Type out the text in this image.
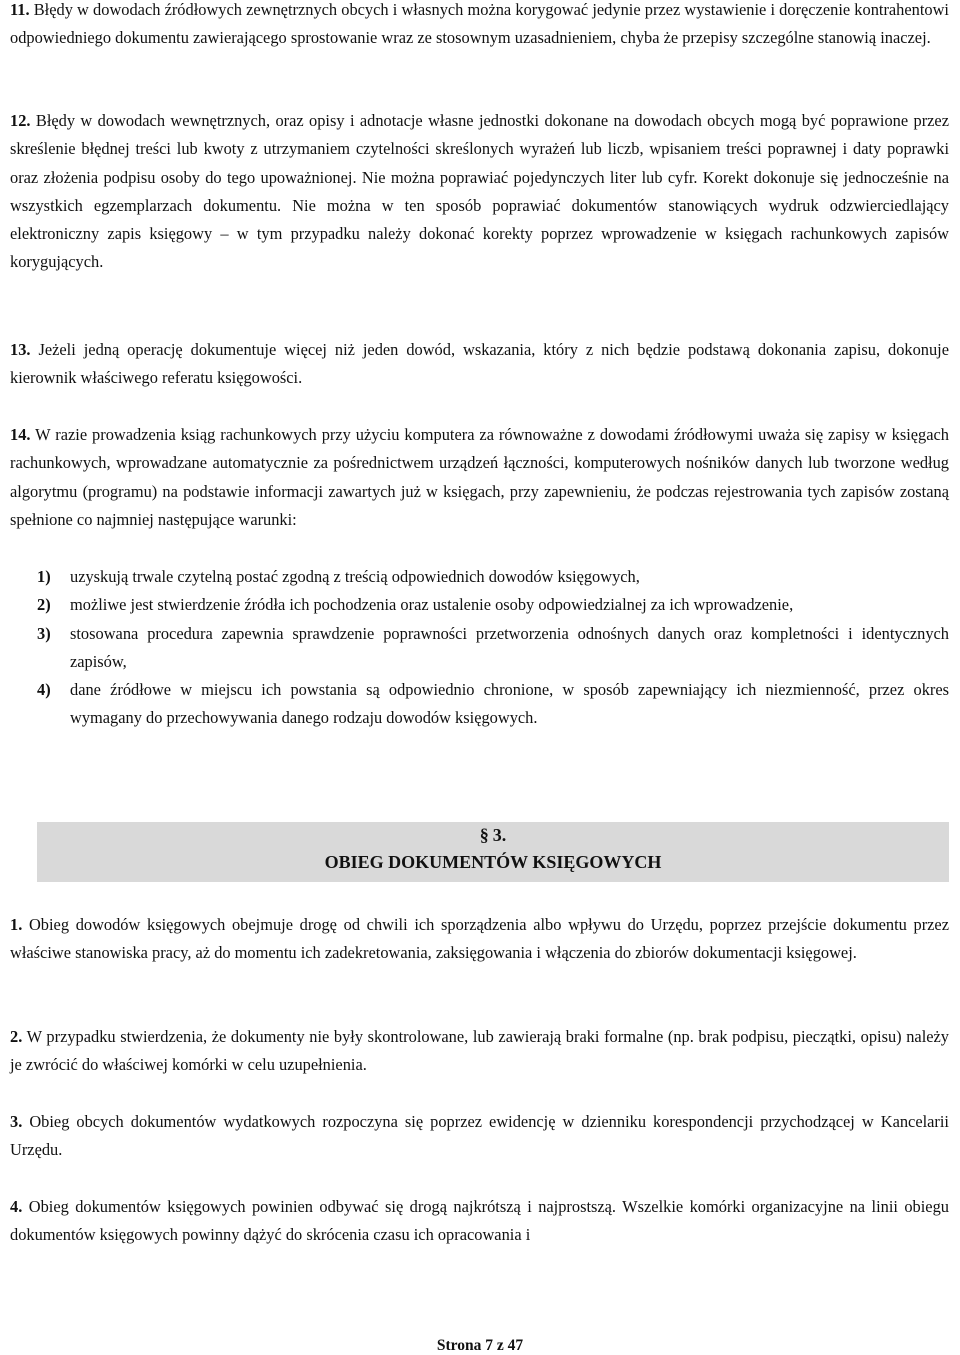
11. Błędy w dowodach źródłowych zewnętrznych obcych i własnych można korygować jedynie przez wystawienie i doręczenie kontrahentowi odpowiedniego dokumentu zawierającego sprostowanie wraz ze stosownym uzasadnieniem, chyba że przepisy szczególne stanowią inaczej.

12. Błędy w dowodach wewnętrznych, oraz opisy i adnotacje własne jednostki dokonane na dowodach obcych mogą być poprawione przez skreślenie błędnej treści lub kwoty z utrzymaniem czytelności skreślonych wyrażeń lub liczb, wpisaniem treści poprawnej i daty poprawki oraz złożenia podpisu osoby do tego upoważnionej. Nie można poprawiać pojedynczych liter lub cyfr. Korekt dokonuje się jednocześnie na wszystkich egzemplarzach dokumentu. Nie można w ten sposób poprawiać dokumentów stanowiących wydruk odzwierciedlający elektroniczny zapis księgowy – w tym przypadku należy dokonać korekty poprzez wprowadzenie w księgach rachunkowych zapisów korygujących.

13. Jeżeli jedną operację dokumentuje więcej niż jeden dowód, wskazania, który z nich będzie podstawą dokonania zapisu, dokonuje kierownik właściwego referatu księgowości.

14. W razie prowadzenia ksiąg rachunkowych przy użyciu komputera za równoważne z dowodami źródłowymi uważa się zapisy w księgach rachunkowych, wprowadzane automatycznie za pośrednictwem urządzeń łączności, komputerowych nośników danych lub tworzone według algorytmu (programu) na podstawie informacji zawartych już w księgach, przy zapewnieniu, że podczas rejestrowania tych zapisów zostaną spełnione co najmniej następujące warunki:

1) uzyskują trwale czytelną postać zgodną z treścią odpowiednich dowodów księgowych,
2) możliwe jest stwierdzenie źródła ich pochodzenia oraz ustalenie osoby odpowiedzialnej za ich wprowadzenie,
3) stosowana procedura zapewnia sprawdzenie poprawności przetworzenia odnośnych danych oraz kompletności i identycznych zapisów,
4) dane źródłowe w miejscu ich powstania są odpowiednio chronione, w sposób zapewniający ich niezmienność, przez okres wymagany do przechowywania danego rodzaju dowodów księgowych.
§ 3.
OBIEG DOKUMENTÓW KSIĘGOWYCH

1. Obieg dowodów księgowych obejmuje drogę od chwili ich sporządzenia albo wpływu do Urzędu, poprzez przejście dokumentu przez właściwe stanowiska pracy, aż do momentu ich zadekretowania, zaksięgowania i włączenia do zbiorów dokumentacji księgowej.

2. W przypadku stwierdzenia, że dokumenty nie były skontrolowane, lub zawierają braki formalne (np. brak podpisu, pieczątki, opisu) należy je zwrócić do właściwej komórki w celu uzupełnienia.

3. Obieg obcych dokumentów wydatkowych rozpoczyna się poprzez ewidencję w dzienniku korespondencji przychodzącej w Kancelarii Urzędu.

4. Obieg dokumentów księgowych powinien odbywać się drogą najkrótszą i najprostszą. Wszelkie komórki organizacyjne na linii obiegu dokumentów księgowych powinny dążyć do skrócenia czasu ich opracowania i

Strona 7 z 47
